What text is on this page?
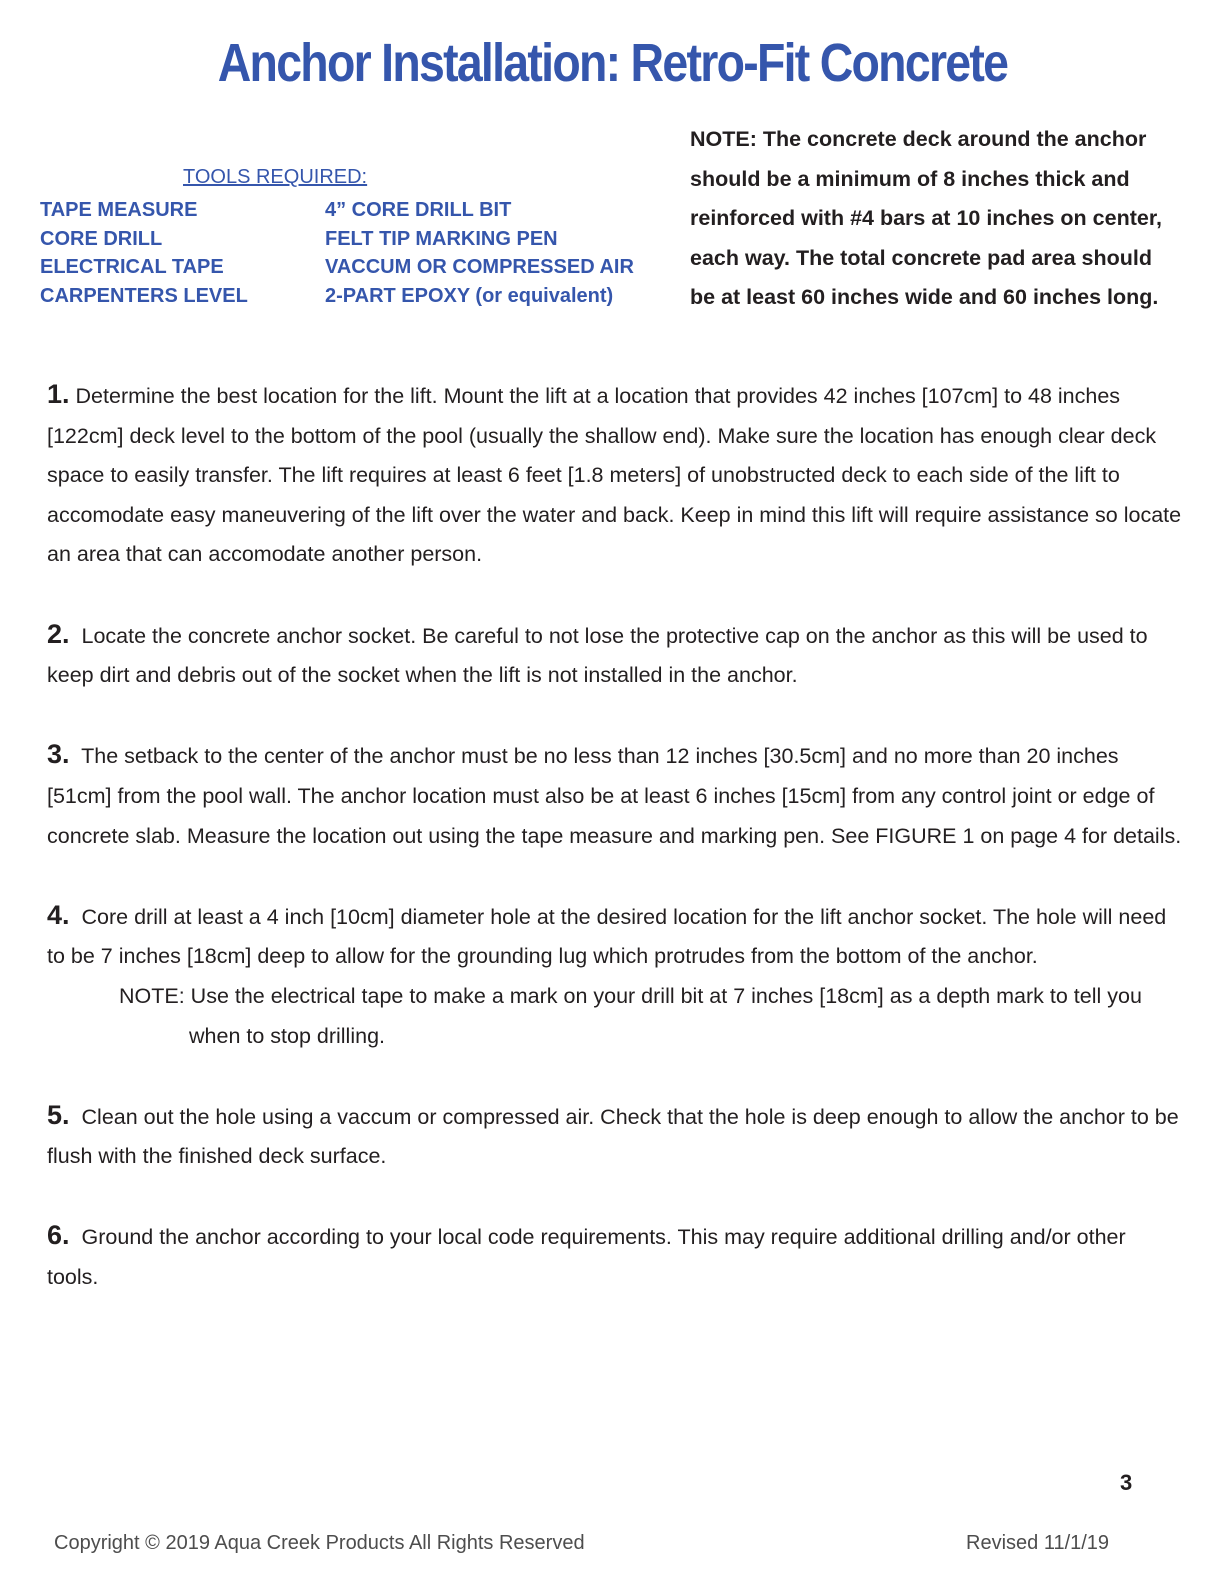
Anchor Installation: Retro-Fit Concrete
TOOLS REQUIRED:
TAPE MEASURE
CORE DRILL
ELECTRICAL TAPE
CARPENTERS LEVEL
4” CORE DRILL BIT
FELT TIP MARKING PEN
VACCUM OR COMPRESSED AIR
2-PART EPOXY (or equivalent)
NOTE: The concrete deck around the anchor should be a minimum of 8 inches thick and reinforced with #4 bars at 10 inches on center, each way. The total concrete pad area should be at least 60 inches wide and 60 inches long.
1. Determine the best location for the lift. Mount the lift at a location that provides 42 inches [107cm] to 48 inches [122cm] deck level to the bottom of the pool (usually the shallow end). Make sure the location has enough clear deck space to easily transfer. The lift requires at least 6 feet [1.8 meters] of unobstructed deck to each side of the lift to accomodate easy maneuvering of the lift over the water and back. Keep in mind this lift will require assistance so locate an area that can accomodate another person.
2. Locate the concrete anchor socket. Be careful to not lose the protective cap on the anchor as this will be used to keep dirt and debris out of the socket when the lift is not installed in the anchor.
3. The setback to the center of the anchor must be no less than 12 inches [30.5cm] and no more than 20 inches [51cm] from the pool wall. The anchor location must also be at least 6 inches [15cm] from any control joint or edge of concrete slab. Measure the location out using the tape measure and marking pen. See FIGURE 1 on page 4 for details.
4. Core drill at least a 4 inch [10cm] diameter hole at the desired location for the lift anchor socket. The hole will need to be 7 inches [18cm] deep to allow for the grounding lug which protrudes from the bottom of the anchor.
NOTE: Use the electrical tape to make a mark on your drill bit at 7 inches [18cm] as a depth mark to tell you when to stop drilling.
5. Clean out the hole using a vaccum or compressed air. Check that the hole is deep enough to allow the anchor to be flush with the finished deck surface.
6. Ground the anchor according to your local code requirements. This may require additional drilling and/or other tools.
3
Copyright © 2019 Aqua Creek Products All Rights Reserved	Revised 11/1/19
